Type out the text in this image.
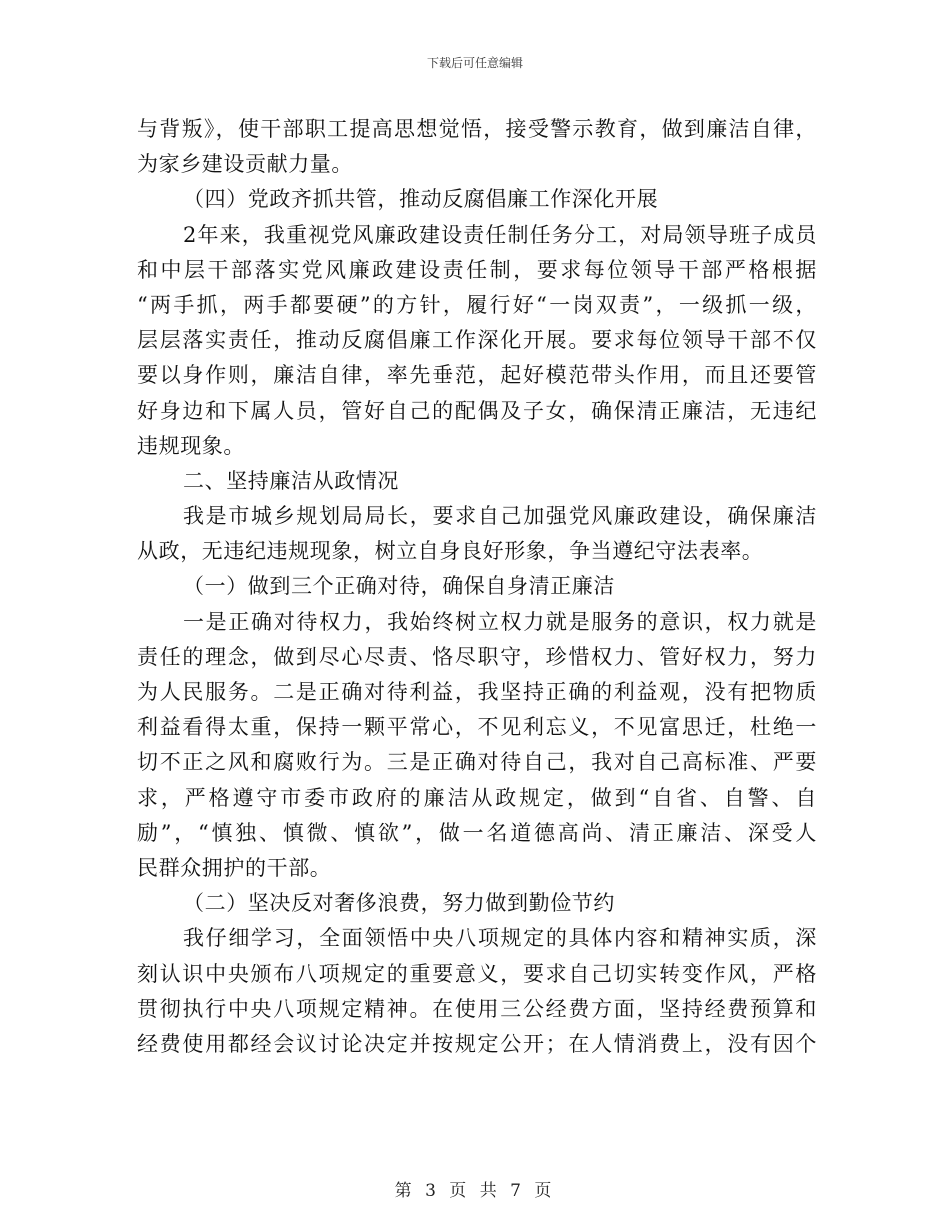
下载后可任意编辑
与背叛》，使干部职工提高思想觉悟，接受警示教育，做到廉洁自律，
为家乡建设贡献力量。
（四）党政齐抓共管，推动反腐倡廉工作深化开展
2年来，我重视党风廉政建设责任制任务分工，对局领导班子成员
和中层干部落实党风廉政建设责任制，要求每位领导干部严格根据
“两手抓，两手都要硬”的方针，履行好“一岗双责”，一级抓一级，
层层落实责任，推动反腐倡廉工作深化开展。要求每位领导干部不仅
要以身作则，廉洁自律，率先垂范，起好模范带头作用，而且还要管
好身边和下属人员，管好自己的配偶及子女，确保清正廉洁，无违纪
违规现象。
二、坚持廉洁从政情况
我是市城乡规划局局长，要求自己加强党风廉政建设，确保廉洁
从政，无违纪违规现象，树立自身良好形象，争当遵纪守法表率。
（一）做到三个正确对待，确保自身清正廉洁
一是正确对待权力，我始终树立权力就是服务的意识，权力就是
责任的理念，做到尽心尽责、恪尽职守，珍惜权力、管好权力，努力
为人民服务。二是正确对待利益，我坚持正确的利益观，没有把物质
利益看得太重，保持一颗平常心，不见利忘义，不见富思迁，杜绝一
切不正之风和腐败行为。三是正确对待自己，我对自己高标准、严要
求，严格遵守市委市政府的廉洁从政规定，做到“自省、自警、自
励”，“慎独、慎微、慎欲”，做一名道德高尚、清正廉洁、深受人
民群众拥护的干部。
（二）坚决反对奢侈浪费，努力做到勤俭节约
我仔细学习，全面领悟中央八项规定的具体内容和精神实质，深
刻认识中央颁布八项规定的重要意义，要求自己切实转变作风，严格
贯彻执行中央八项规定精神。在使用三公经费方面，坚持经费预算和
经费使用都经会议讨论决定并按规定公开；在人情消费上，没有因个
第 3 页 共 7 页
